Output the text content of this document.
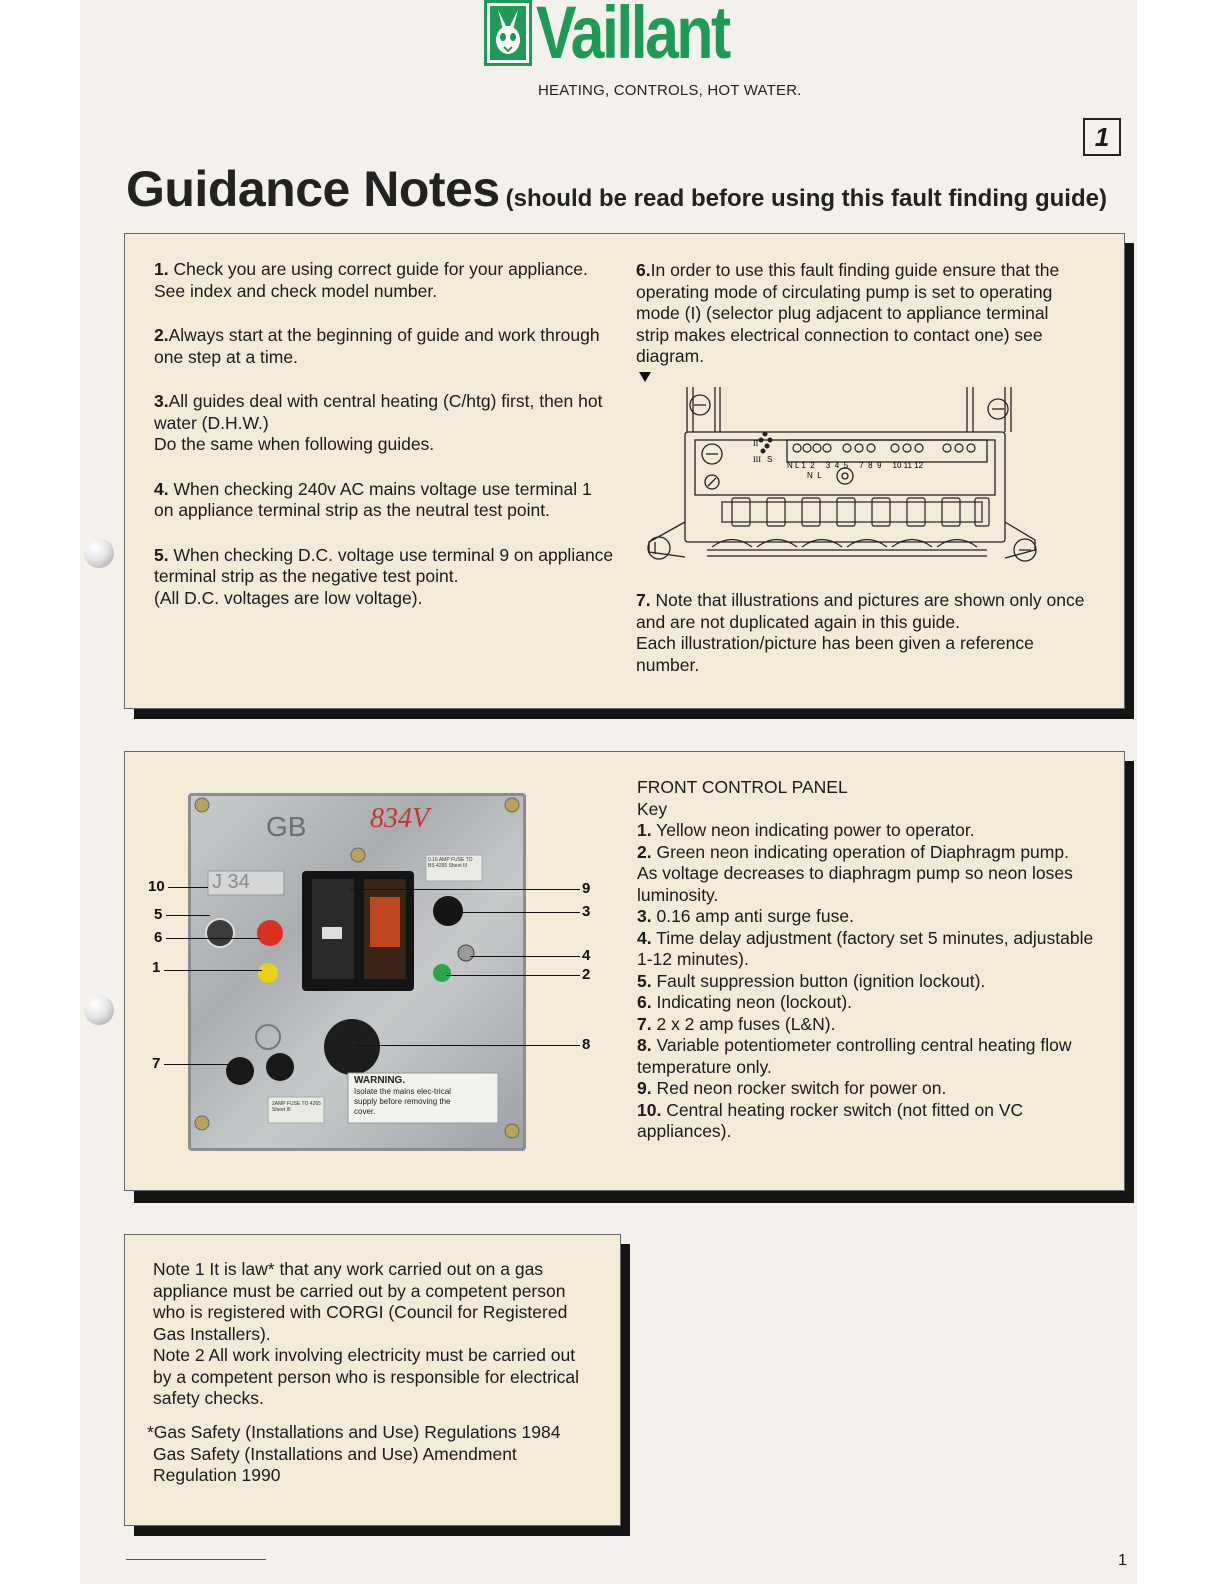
Vaillant
HEATING, CONTROLS, HOT WATER.
1
Guidance Notes (should be read before using this fault finding guide)

1. Check you are using correct guide for your appliance. See index and check model number.

2.Always start at the beginning of guide and work through one step at a time.

3.All guides deal with central heating (C/htg) first, then hot water (D.H.W.)
Do the same when following guides.

4. When checking 240v AC mains voltage use terminal 1 on appliance terminal strip as the neutral test point.

5. When checking D.C. voltage use terminal 9 on appliance terminal strip as the negative test point.
(All D.C. voltages are low voltage).

6.In order to use this fault finding guide ensure that the operating mode of circulating pump is set to operating mode (I) (selector plug adjacent to appliance terminal strip makes electrical connection to contact one) see diagram.

II
III S
N L 1  2     3  4  5     7  8  9     10 11 12
N  L

7. Note that illustrations and pictures are shown only once and are not duplicated again in this guide.
Each illustration/picture has been given a reference number.

FRONT CONTROL PANEL

Key

1. Yellow neon indicating power to operator.

2. Green neon indicating operation of Diaphragm pump.
As voltage decreases to diaphragm pump so neon loses luminosity.

3. 0.16 amp anti surge fuse.

4. Time delay adjustment (factory set 5 minutes, adjustable 1-12 minutes).

5. Fault suppression button (ignition lockout).

6. Indicating neon (lockout).

7. 2 x 2 amp fuses (L&N).

8. Variable potentiometer controlling central heating flow temperature only.

9. Red neon rocker switch for power on.

10. Central heating rocker switch (not fitted on VC appliances).

GB 834V
J 34
0.16 AMP FUSE TO BS 4265 Sheet III
2AMP FUSE TO 4265 Sheet III
WARNING.
Isolate the mains elec-trical supply before removing the cover.
10
5
6
1
7
9
3
4
2
8

Note 1 It is law* that any work carried out on a gas appliance must be carried out by a competent person who is registered with CORGI (Council for Registered Gas Installers).

Note 2 All work involving electricity must be carried out by a competent person who is responsible for electrical safety checks.

*Gas Safety (Installations and Use) Regulations 1984

Gas Safety (Installations and Use) Amendment Regulation 1990

1
